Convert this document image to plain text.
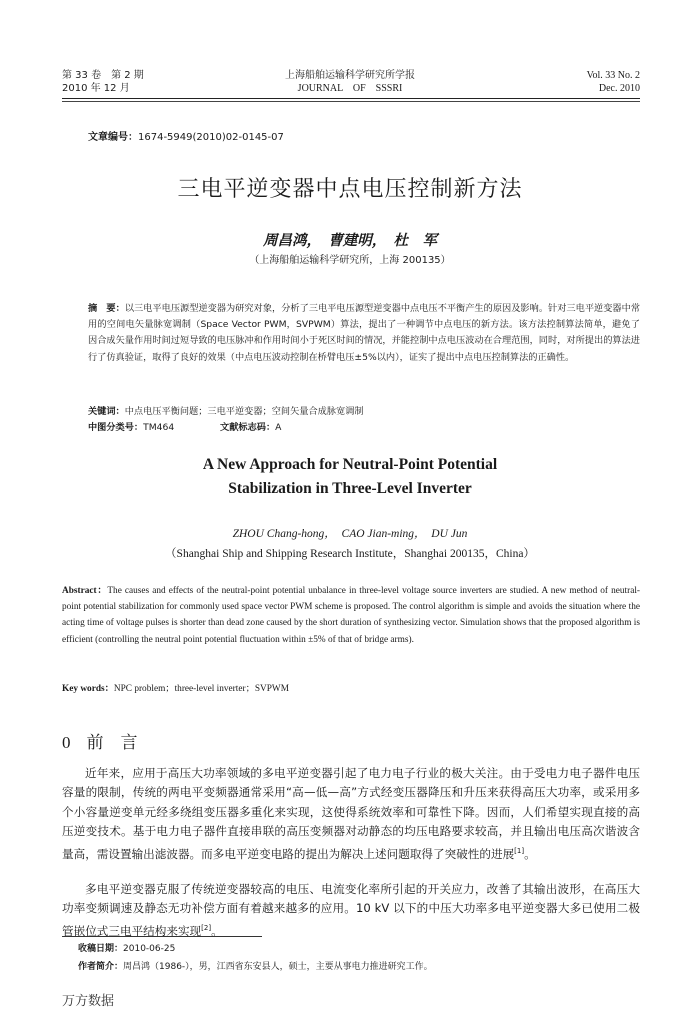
第 33 卷　第 2 期
2010 年 12 月
上海船舶运输科学研究所学报
JOURNAL　OF　SSSRI
Vol. 33 No. 2
Dec. 2010
文章编号：1674-5949(2010)02-0145-07
三电平逆变器中点电压控制新方法
周昌鸿，　曹建明，　杜　军
（上海船舶运输科学研究所，上海 200135）
摘　要：以三电平电压源型逆变器为研究对象，分析了三电平电压源型逆变器中点电压不平衡产生的原因及影响。针对三电平逆变器中常用的空间电矢量脉宽调制（Space Vector PWM，SVPWM）算法，提出了一种调节中点电压的新方法。该方法控制算法简单，避免了因合成矢量作用时间过短导致的电压脉冲和作用时间小于死区时间的情况，并能控制中点电压波动在合理范围，同时，对所提出的算法进行了仿真验证，取得了良好的效果（中点电压波动控制在桥臂电压±5%以内），证实了提出中点电压控制算法的正确性。
关键词：中点电压平衡问题；三电平逆变器；空间矢量合成脉宽调制
中图分类号：TM464	文献标志码：A
A New Approach for Neutral-Point Potential
Stabilization in Three-Level Inverter
ZHOU Chang-hong，　CAO Jian-ming，　DU Jun
（Shanghai Ship and Shipping Research Institute，Shanghai 200135，China）
Abstract：The causes and effects of the neutral-point potential unbalance in three-level voltage source inverters are studied. A new method of neutral-point potential stabilization for commonly used space vector PWM scheme is proposed. The control algorithm is simple and avoids the situation where the acting time of voltage pulses is shorter than dead zone caused by the short duration of synthesizing vector. Simulation shows that the proposed algorithm is efficient (controlling the neutral point potential fluctuation within ±5% of that of bridge arms).
Key words：NPC problem；three-level inverter；SVPWM
0 前　言
近年来，应用于高压大功率领域的多电平逆变器引起了电力电子行业的极大关注。由于受电力电子器件电压容量的限制，传统的两电平变频器通常采用“高—低—高”方式经变压器降压和升压来获得高压大功率，或采用多个小容量逆变单元经多绕组变压器多重化来实现，这使得系统效率和可靠性下降。因而，人们希望实现直接的高压逆变技术。基于电力电子器件直接串联的高压变频器对动静态的均压电路要求较高，并且输出电压高次谐波含量高，需设置输出滤波器。而多电平逆变电路的提出为解决上述问题取得了突破性的进展[1]。
多电平逆变器克服了传统逆变器较高的电压、电流变化率所引起的开关应力，改善了其输出波形，在高压大功率变频调速及静态无功补偿方面有着越来越多的应用。10 kV 以下的中压大功率多电平逆变器大多已使用二极管嵌位式三电平结构来实现[2]。
收稿日期：2010-06-25
作者简介：周昌鸿（1986-），男，江西省东安县人，硕士，主要从事电力推进研究工作。
万方数据
